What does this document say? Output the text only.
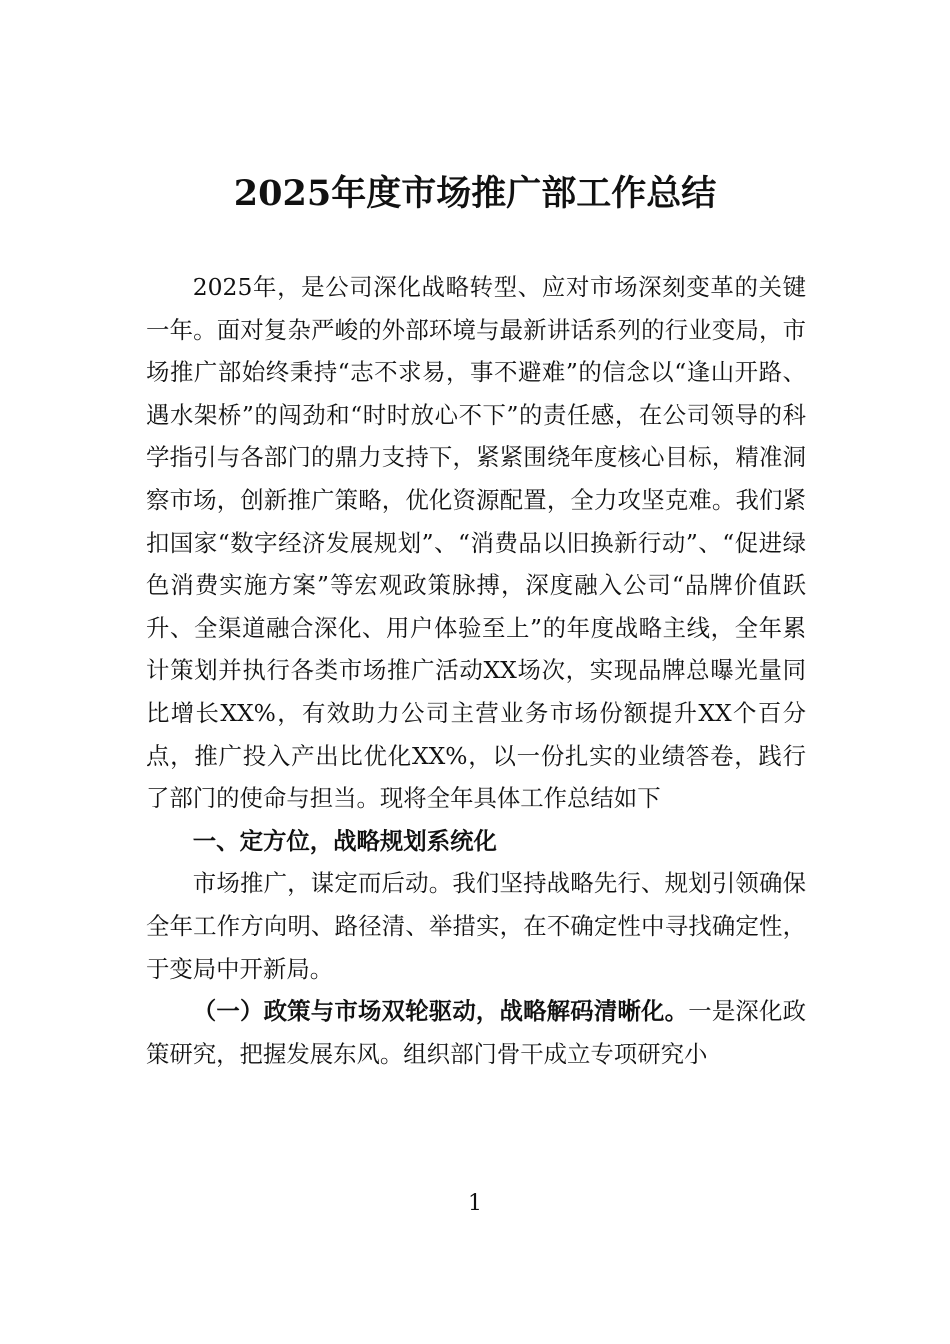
2025年度市场推广部工作总结

2025年，是公司深化战略转型、应对市场深刻变革的关键一年。面对复杂严峻的外部环境与最新讲话系列的行业变局，市场推广部始终秉持“志不求易，事不避难”的信念以“逢山开路、遇水架桥”的闯劲和“时时放心不下”的责任感，在公司领导的科学指引与各部门的鼎力支持下，紧紧围绕年度核心目标，精准洞察市场，创新推广策略，优化资源配置，全力攻坚克难。我们紧扣国家“数字经济发展规划”、“消费品以旧换新行动”、“促进绿色消费实施方案”等宏观政策脉搏，深度融入公司“品牌价值跃升、全渠道融合深化、用户体验至上”的年度战略主线，全年累计策划并执行各类市场推广活动XX场次，实现品牌总曝光量同比增长XX%，有效助力公司主营业务市场份额提升XX个百分点，推广投入产出比优化XX%，以一份扎实的业绩答卷，践行了部门的使命与担当。现将全年具体工作总结如下

一、定方位，战略规划系统化

市场推广，谋定而后动。我们坚持战略先行、规划引领确保全年工作方向明、路径清、举措实，在不确定性中寻找确定性，于变局中开新局。

（一）政策与市场双轮驱动，战略解码清晰化。一是深化政策研究，把握发展东风。组织部门骨干成立专项研究小

1
